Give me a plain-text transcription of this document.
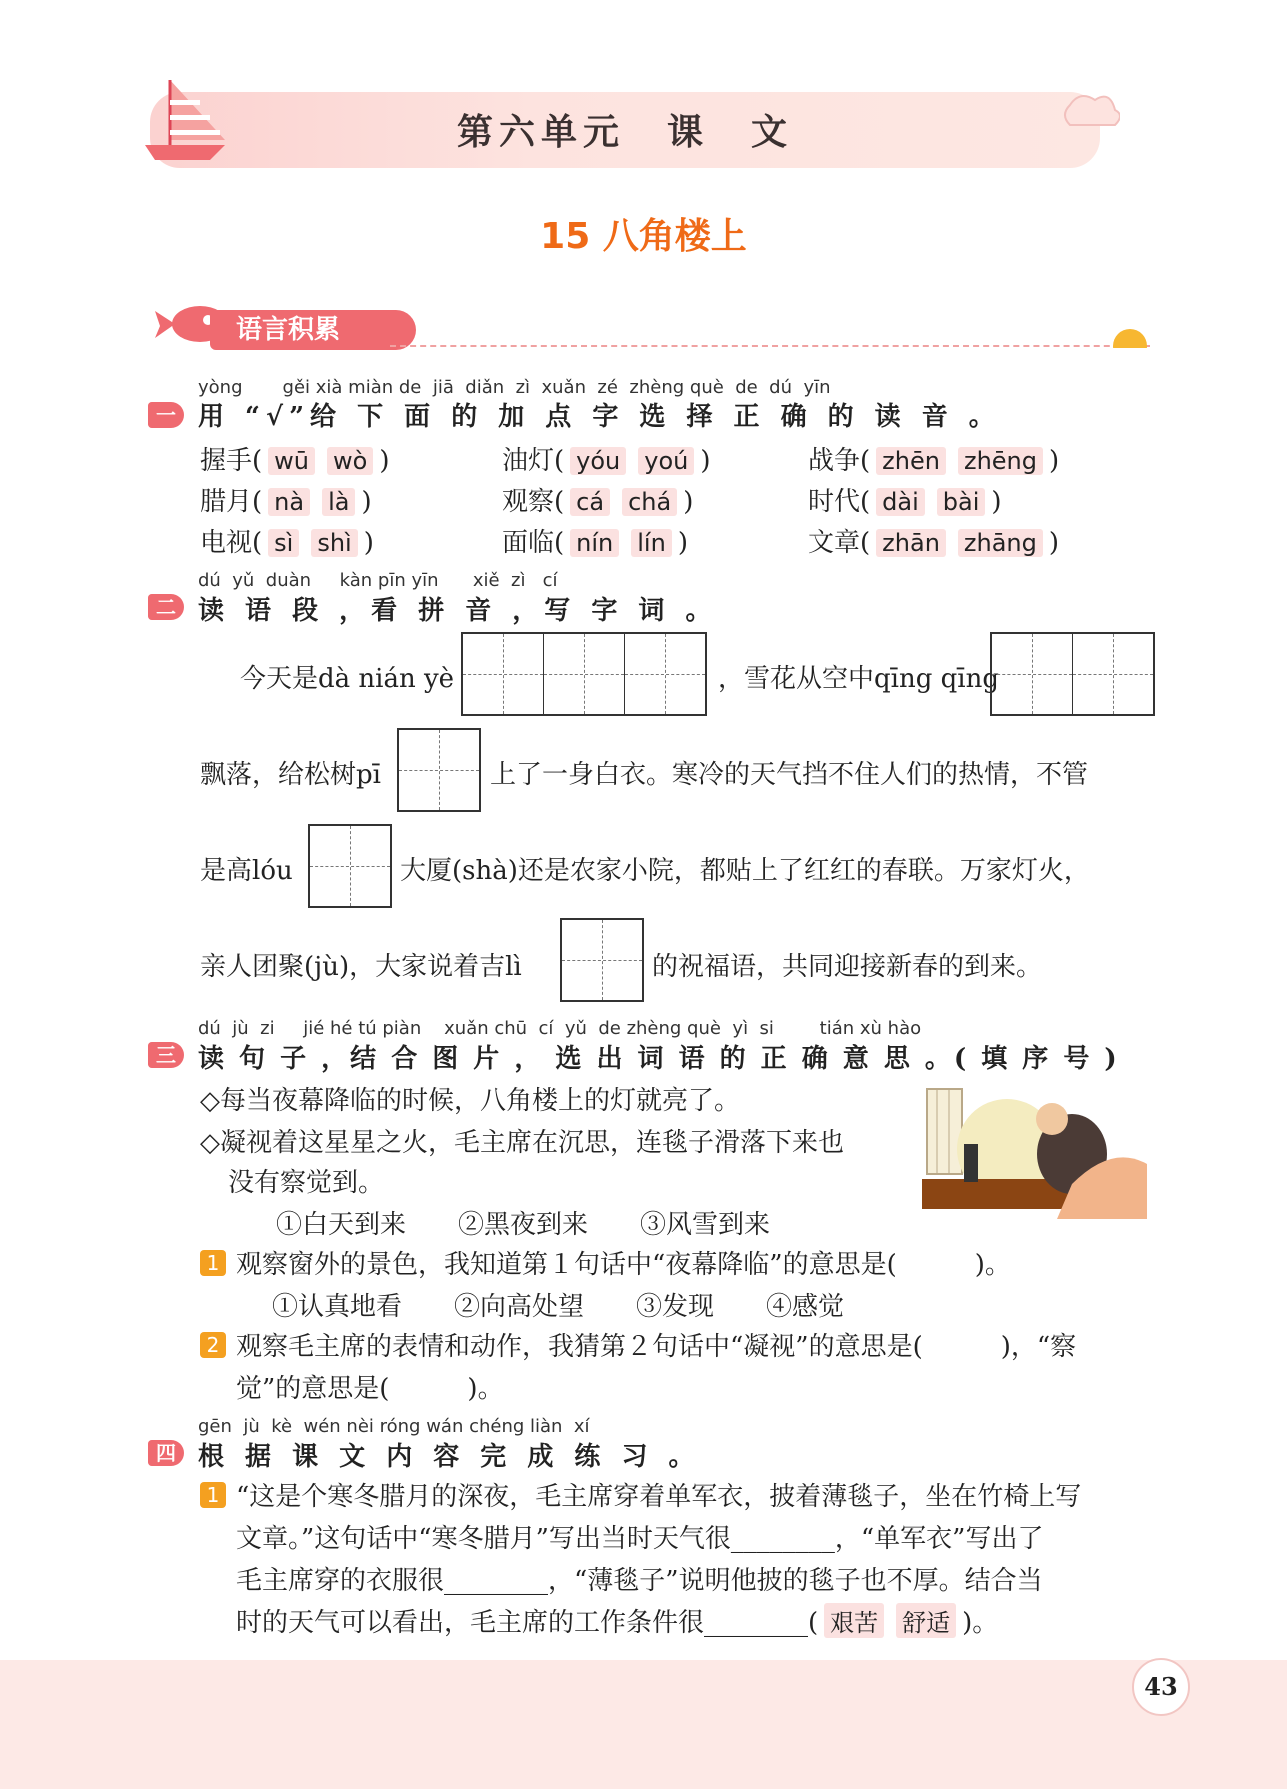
第六单元　课　文
15 八角楼上
语言积累
yòng       gěi xià miàn de  jiā  diǎn  zì  xuǎn  zé  zhèng què  de  dú  yīn
一 用 “√”给 下 面 的 加 点 字 选 择 正 确 的 读 音 。
握手( wū wò )	油灯( yóu yoú )	战争( zhēn zhēng )
腊月( nà là )	观察( cá chá )	时代( dài bài )
电视( sì shì )	面临( nín lín )	文章( zhān zhāng )
dú  yǔ  duàn     kàn pīn yīn      xiě  zì   cí
二 读 语 段 ，看 拼 音 ，写 字 词 。
今天是dà nián yè	，雪花从空中qīng qīng
飘落，给松树pī	上了一身白衣。寒冷的天气挡不住人们的热情，不管
是高lóu	大厦(shà)还是农家小院，都贴上了红红的春联。万家灯火，
亲人团聚(jù)，大家说着吉lì	的祝福语，共同迎接新春的到来。
dú  jù  zi     jié hé tú piàn    xuǎn chū  cí  yǔ  de zhèng què  yì  si        tián xù hào
三 读 句 子 ，结 合 图 片 ， 选 出 词 语 的 正 确 意 思 。( 填 序 号 )
◇每当夜幕降临的时候，八角楼上的灯就亮了。
◇凝视着这星星之火，毛主席在沉思，连毯子滑落下来也
没有察觉到。
①白天到来　　②黑夜到来　　③风雪到来
1 观察窗外的景色，我知道第１句话中“夜幕降临”的意思是(　　　)。
①认真地看　　②向高处望　　③发现　　④感觉
2 观察毛主席的表情和动作，我猜第２句话中“凝视”的意思是(　　　)，“察
觉”的意思是(　　　)。
gēn  jù  kè  wén nèi róng wán chéng liàn  xí
四 根 据 课 文 内 容 完 成 练 习 。
1 “这是个寒冬腊月的深夜，毛主席穿着单军衣，披着薄毯子，坐在竹椅上写
文章。”这句话中“寒冬腊月”写出当时天气很________，“单军衣”写出了
毛主席穿的衣服很________，“薄毯子”说明他披的毯子也不厚。结合当
时的天气可以看出，毛主席的工作条件很________( 艰苦 舒适 )。
43
